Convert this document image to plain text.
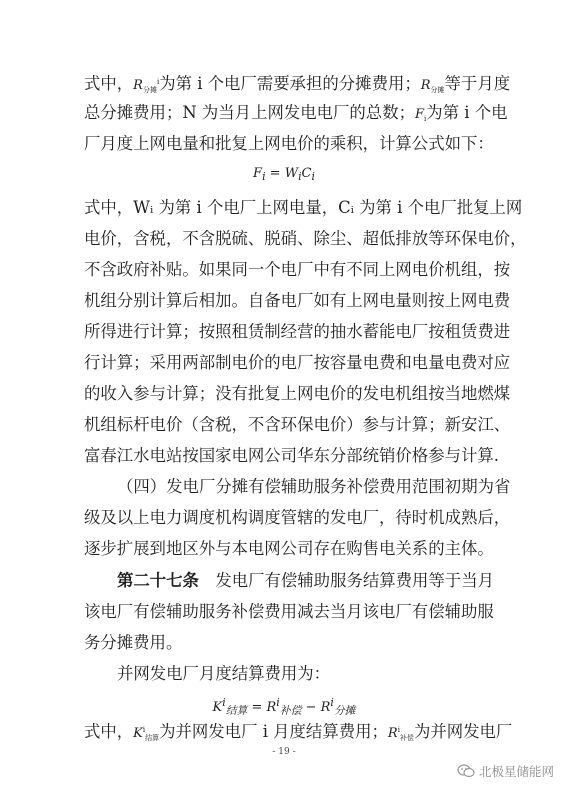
式中，$R_{分摊}^i$为第 i 个电厂需要承担的分摊费用；$R_{分摊}$等于月度
总分摊费用；N 为当月上网发电电厂的总数；$F_i$为第 i 个电
厂月度上网电量和批复上网电价的乘积，计算公式如下：
$F_i = W_iC_i$
式中，Wᵢ 为第 i 个电厂上网电量，Cᵢ 为第 i 个电厂批复上网
电价，含税，不含脱硫、脱硝、除尘、超低排放等环保电价，
不含政府补贴。如果同一个电厂中有不同上网电价机组，按
机组分别计算后相加。自备电厂如有上网电量则按上网电费
所得进行计算；按照租赁制经营的抽水蓄能电厂按租赁费进
行计算；采用两部制电价的电厂按容量电费和电量电费对应
的收入参与计算；没有批复上网电价的发电机组按当地燃煤
机组标杆电价（含税，不含环保电价）参与计算；新安江、
富春江水电站按国家电网公司华东分部统销价格参与计算.
（四）发电厂分摊有偿辅助服务补偿费用范围初期为省
级及以上电力调度机构调度管辖的发电厂，待时机成熟后，
逐步扩展到地区外与本电网公司存在购售电关系的主体。
第二十七条　发电厂有偿辅助服务结算费用等于当月
该电厂有偿辅助服务补偿费用减去当月该电厂有偿辅助服
务分摊费用。
并网发电厂月度结算费用为：
$K^i_{结算} = R^i_{补偿} - R^i_{分摊}$
式中，$K^i_{结算}$为并网发电厂 i 月度结算费用；$R^i_{补偿}$为并网发电厂
- 19 -
北极星储能网
